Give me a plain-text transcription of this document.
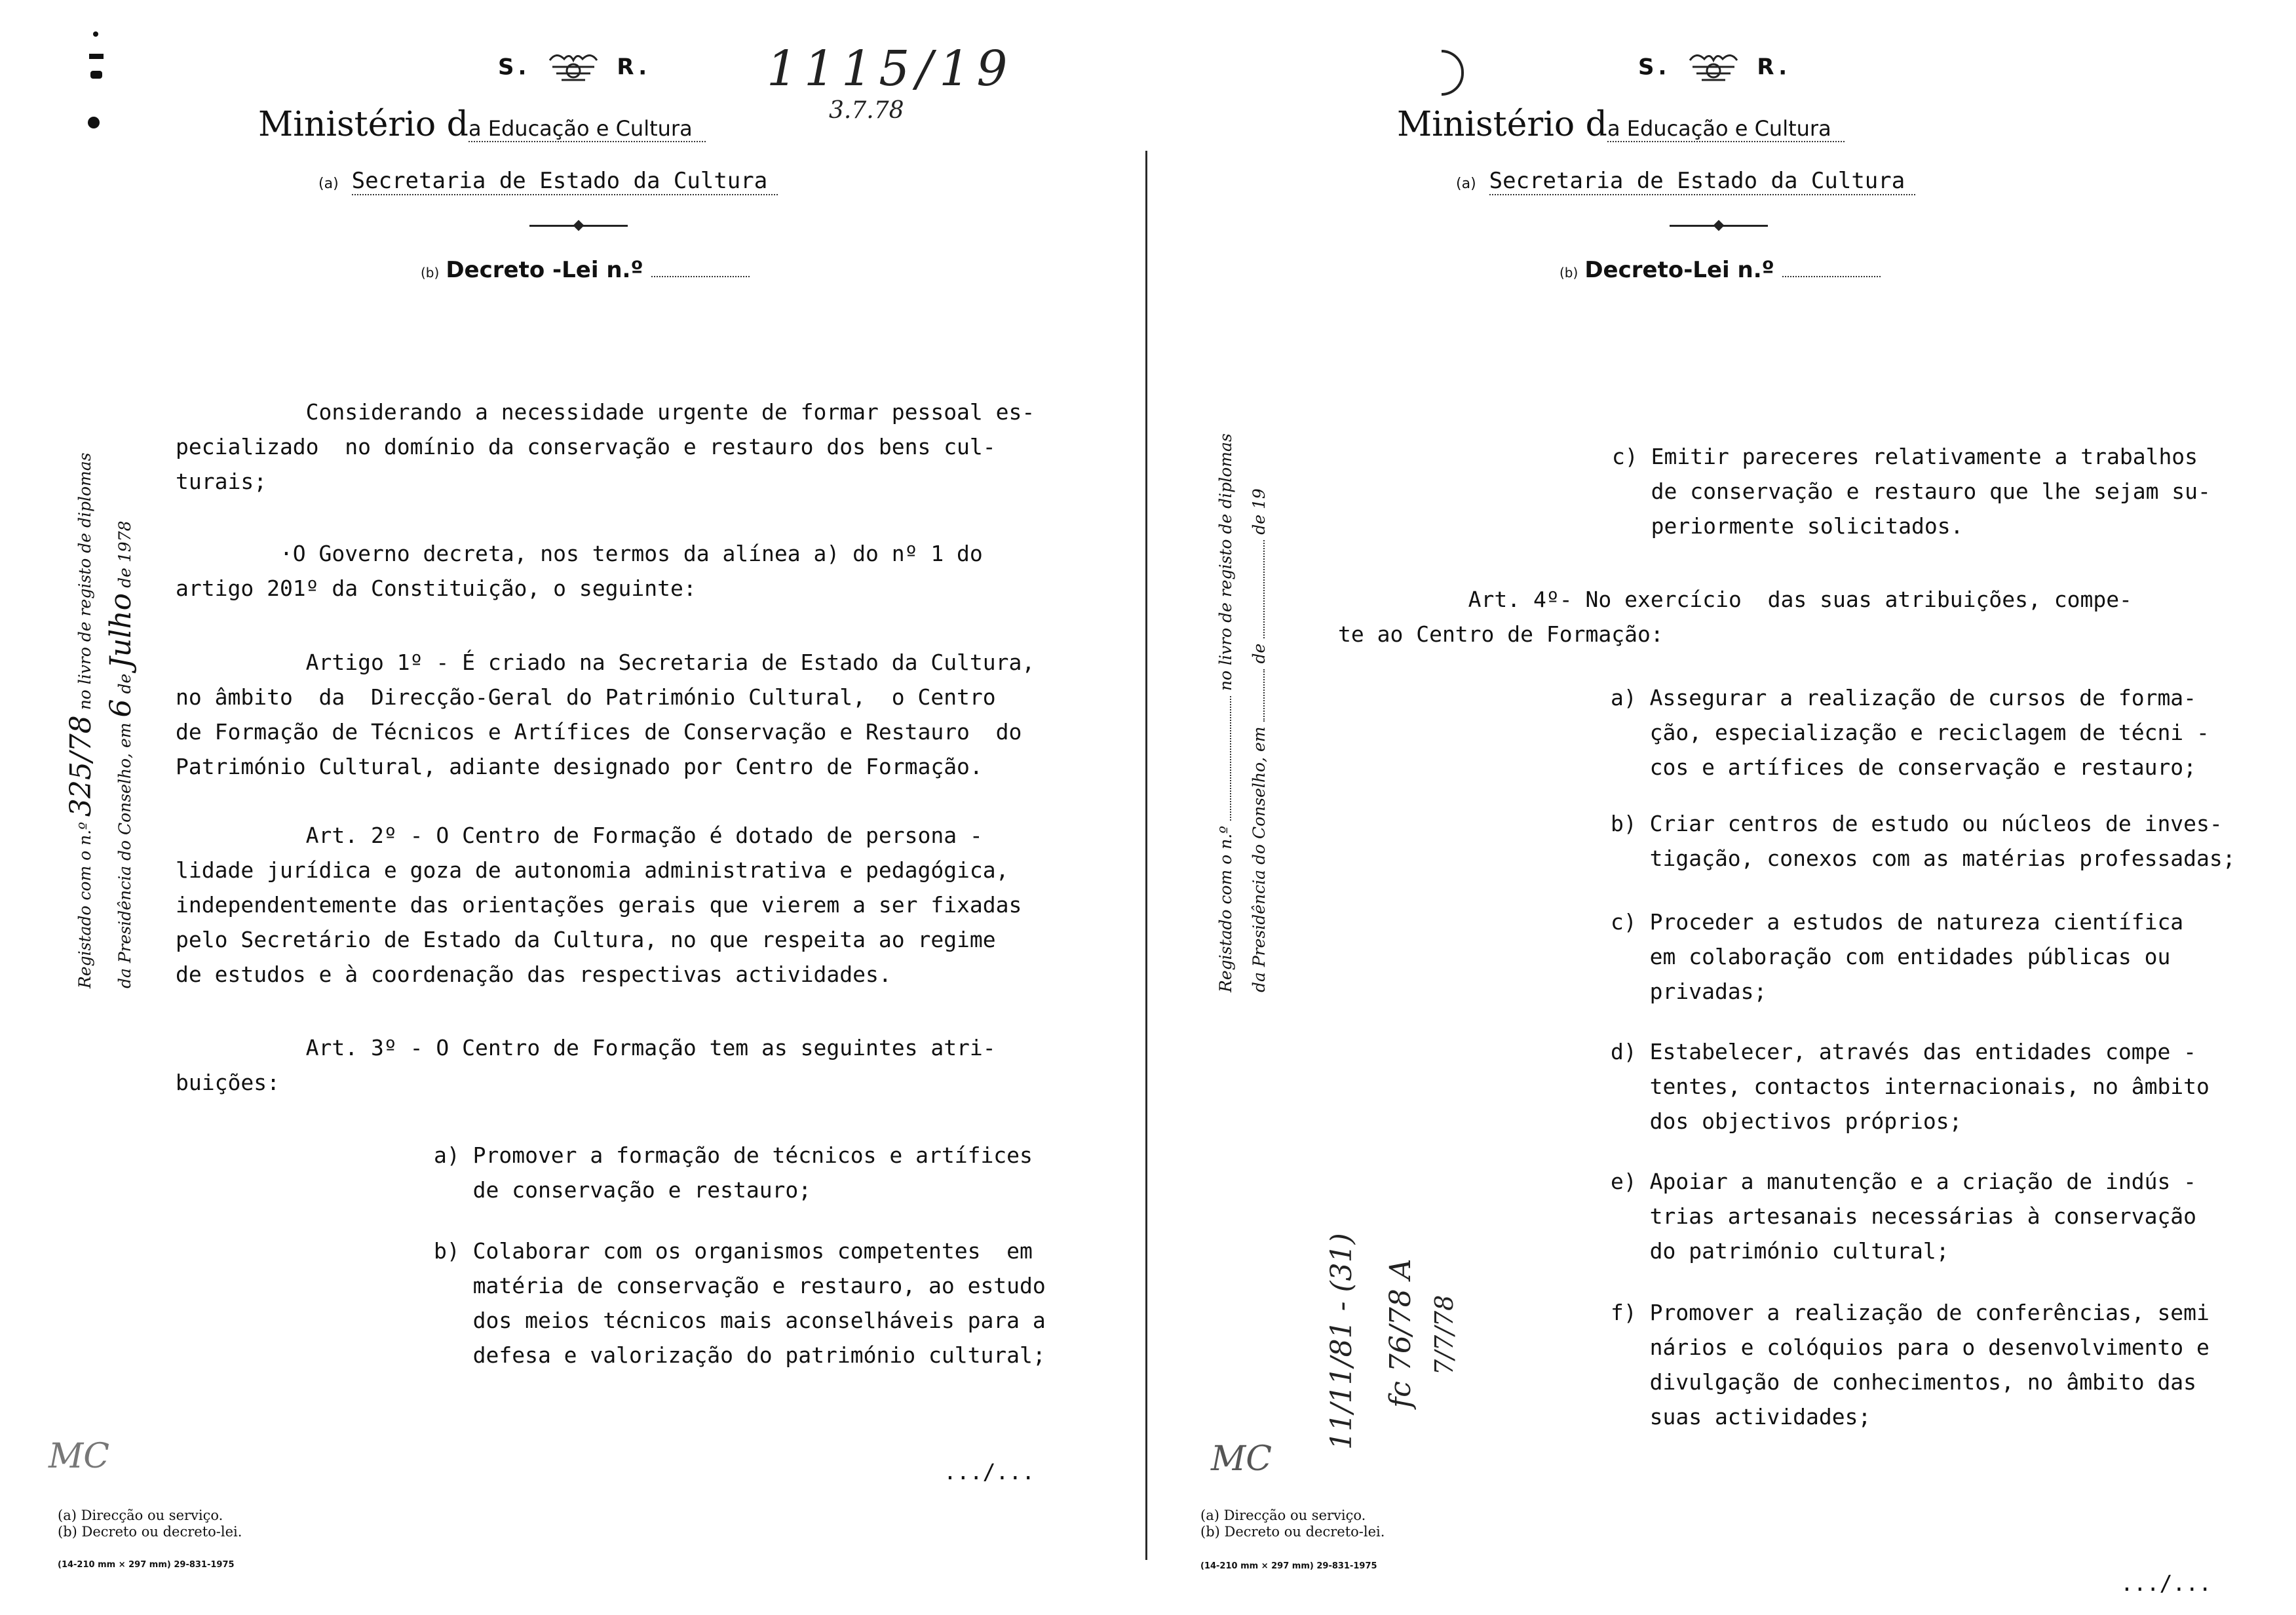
S.	R. 1115/19
3.7.78
Ministério da Educação e Cultura
(a) Secretaria de Estado da Cultura
(b) Decreto -Lei n.º
Registado com o n.º325/78no livro de registo de diplomas
da Presidência do Conselho, em6deJulhode 1978
Considerando a necessidade urgente de formar pessoal es-
pecializado  no domínio da conservação e restauro dos bens cul-
turais;
·O Governo decreta, nos termos da alínea a) do nº 1 do
artigo 201º da Constituição, o seguinte:
Artigo 1º - É criado na Secretaria de Estado da Cultura,
no âmbito  da  Direcção-Geral do Património Cultural,  o Centro
de Formação de Técnicos e Artífices de Conservação e Restauro  do
Património Cultural, adiante designado por Centro de Formação.
Art. 2º - O Centro de Formação é dotado de persona -
lidade jurídica e goza de autonomia administrativa e pedagógica,
independentemente das orientações gerais que vierem a ser fixadas
pelo Secretário de Estado da Cultura, no que respeita ao regime
de estudos e à coordenação das respectivas actividades.
Art. 3º - O Centro de Formação tem as seguintes atri-
buições:
a) Promover a formação de técnicos e artífices
de conservação e restauro;
b) Colaborar com os organismos competentes  em
matéria de conservação e restauro, ao estudo
dos meios técnicos mais aconselháveis para a
defesa e valorização do património cultural;
MC	.../...
(a) Direcção ou serviço.
(b) Decreto ou decreto-lei.
(14-210 mm × 297 mm) 29-831-1975
S.	R.
Ministério da Educação e Cultura
(a) Secretaria de Estado da Cultura
(b) Decreto-Lei n.º
Registado com o n.ºno livro de registo de diplomas
da Presidência do Conselho, emdede 19
c) Emitir pareceres relativamente a trabalhos
de conservação e restauro que lhe sejam su-
periormente solicitados.
Art. 4º- No exercício  das suas atribuições, compe-
te ao Centro de Formação:
a) Assegurar a realização de cursos de forma-
ção, especialização e reciclagem de técni -
cos e artífices de conservação e restauro;
b) Criar centros de estudo ou núcleos de inves-
tigação, conexos com as matérias professadas;
c) Proceder a estudos de natureza científica
em colaboração com entidades públicas ou
privadas;
d) Estabelecer, através das entidades compe -
tentes, contactos internacionais, no âmbito
dos objectivos próprios;
e) Apoiar a manutenção e a criação de indús -
trias artesanais necessárias à conservação
do património cultural;
f) Promover a realização de conferências, semi
nários e colóquios para o desenvolvimento e
divulgação de conhecimentos, no âmbito das
suas actividades;
11/11/81 - (31) fc 76/78 A 7/7/78
MC
(a) Direcção ou serviço.
(b) Decreto ou decreto-lei.
(14-210 mm × 297 mm) 29-831-1975
.../...
